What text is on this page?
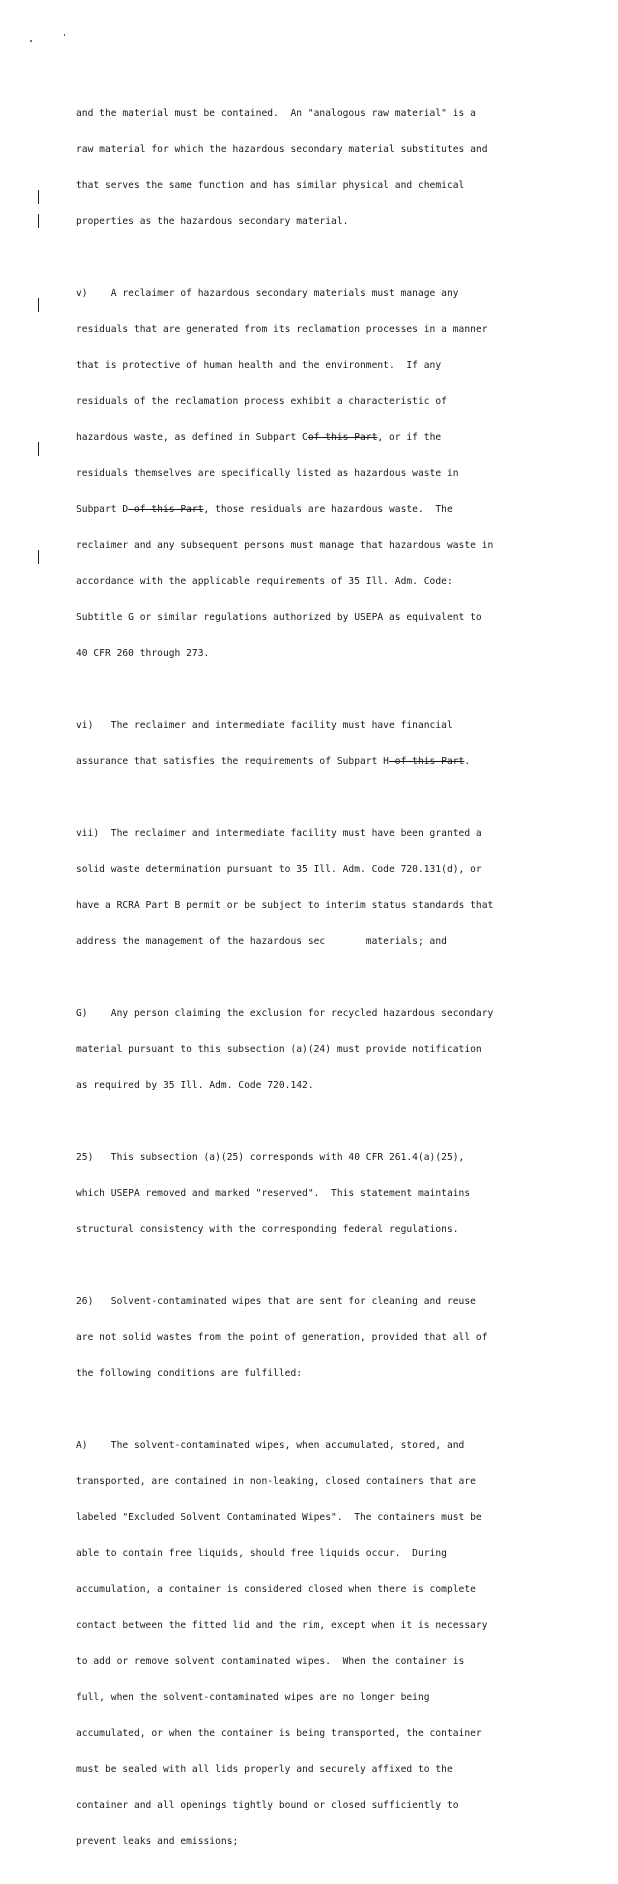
and the material must be contained.  An "analogous raw material" is a

raw material for which the hazardous secondary material substitutes and

that serves the same function and has similar physical and chemical

properties as the hazardous secondary material.

v)    A reclaimer of hazardous secondary materials must manage any

residuals that are generated from its reclamation processes in a manner

that is protective of human health and the environment.  If any

residuals of the reclamation process exhibit a characteristic of

hazardous waste, as defined in Subpart Cof this Part, or if the

residuals themselves are specifically listed as hazardous waste in

Subpart D of this Part, those residuals are hazardous waste.  The

reclaimer and any subsequent persons must manage that hazardous waste in

accordance with the applicable requirements of 35 Ill. Adm. Code:

Subtitle G or similar regulations authorized by USEPA as equivalent to

40 CFR 260 through 273.

vi)   The reclaimer and intermediate facility must have financial

assurance that satisfies the requirements of Subpart H of this Part.

vii)  The reclaimer and intermediate facility must have been granted a

solid waste determination pursuant to 35 Ill. Adm. Code 720.131(d), or

have a RCRA Part B permit or be subject to interim status standards that

address the management of the hazardous sec       materials; and

G)    Any person claiming the exclusion for recycled hazardous secondary

material pursuant to this subsection (a)(24) must provide notification

as required by 35 Ill. Adm. Code 720.142.

25)   This subsection (a)(25) corresponds with 40 CFR 261.4(a)(25),

which USEPA removed and marked "reserved".  This statement maintains

structural consistency with the corresponding federal regulations.

26)   Solvent-contaminated wipes that are sent for cleaning and reuse

are not solid wastes from the point of generation, provided that all of

the following conditions are fulfilled:

A)    The solvent-contaminated wipes, when accumulated, stored, and

transported, are contained in non-leaking, closed containers that are

labeled "Excluded Solvent Contaminated Wipes".  The containers must be

able to contain free liquids, should free liquids occur.  During

accumulation, a container is considered closed when there is complete

contact between the fitted lid and the rim, except when it is necessary

to add or remove solvent contaminated wipes.  When the container is

full, when the solvent-contaminated wipes are no longer being

accumulated, or when the container is being transported, the container

must be sealed with all lids properly and securely affixed to the

container and all openings tightly bound or closed sufficiently to

prevent leaks and emissions;
